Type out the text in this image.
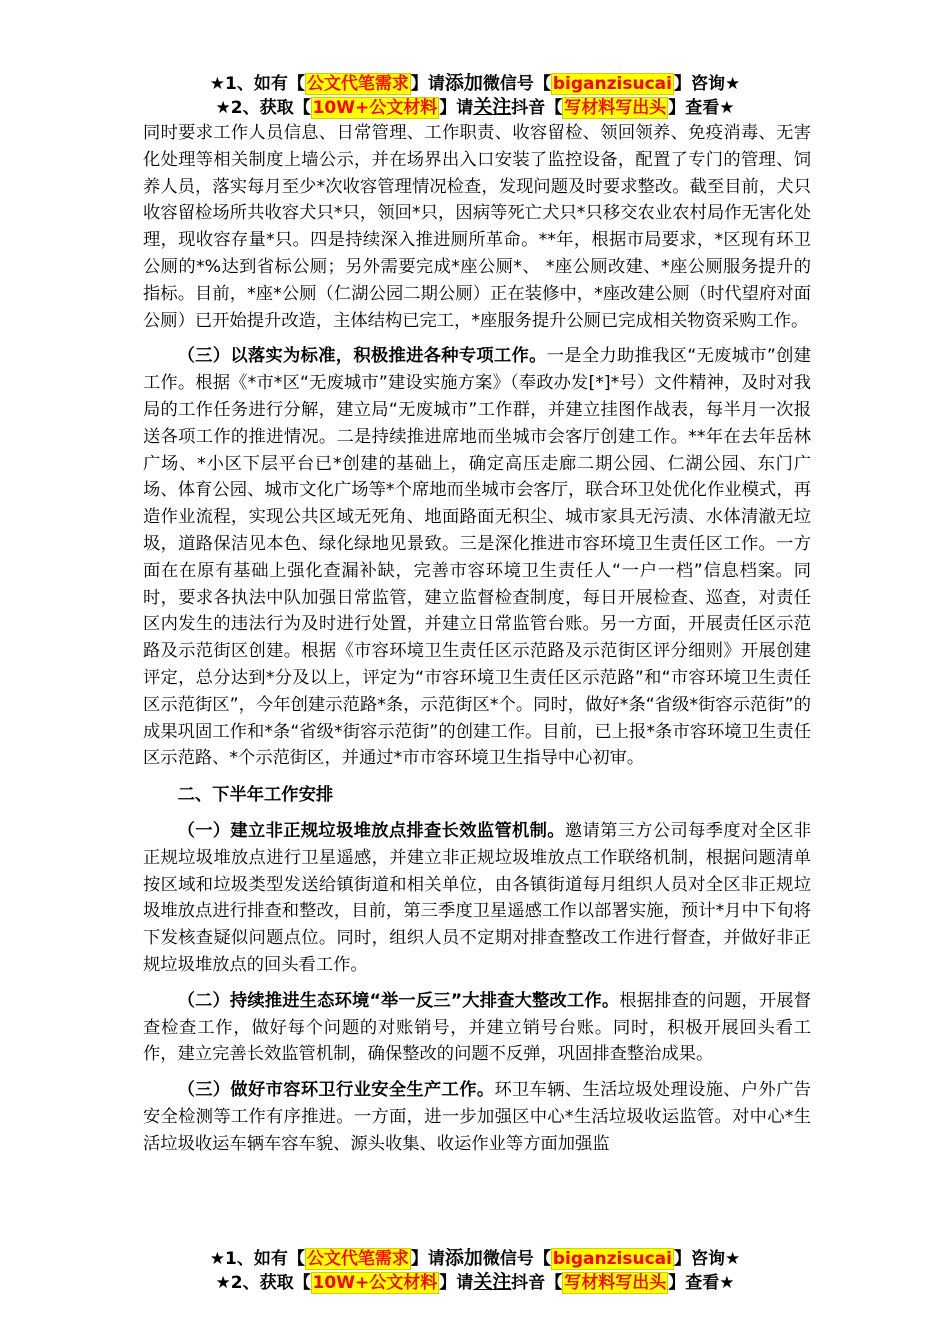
★1、如有【 公文代笔需求 】请添加微信号【 biganzisucai 】咨询★
★2、获取【 10W+公文材料 】请关注抖音【 写材料写出头 】查看★

同时要求工作人员信息、日常管理、工作职责、收容留检、领回领养、免疫消毒、无害化处理等相关制度上墙公示，并在场界出入口安装了监控设备，配置了专门的管理、饲养人员，落实每月至少*次收容管理情况检查，发现问题及时要求整改。截至目前，犬只收容留检场所共收容犬只*只，领回*只，因病等死亡犬只*只移交农业农村局作无害化处理，现收容存量*只。四是持续深入推进厕所革命。**年，根据市局要求，*区现有环卫公厕的*%达到省标公厕；另外需要完成*座公厕*、 *座公厕改建、*座公厕服务提升的指标。目前，*座*公厕（仁湖公园二期公厕）正在装修中，*座改建公厕（时代望府对面公厕）已开始提升改造，主体结构已完工，*座服务提升公厕已完成相关物资采购工作。

（三）以落实为标准，积极推进各种专项工作。一是全力助推我区“无废城市”创建工作。根据《*市*区“无废城市”建设实施方案》（奉政办发[*]*号）文件精神，及时对我局的工作任务进行分解，建立局“无废城市”工作群，并建立挂图作战表，每半月一次报送各项工作的推进情况。二是持续推进席地而坐城市会客厅创建工作。**年在去年岳林广场、*小区下层平台已*创建的基础上，确定高压走廊二期公园、仁湖公园、东门广场、体育公园、城市文化广场等*个席地而坐城市会客厅，联合环卫处优化作业模式，再造作业流程，实现公共区域无死角、地面路面无积尘、城市家具无污渍、水体清澈无垃圾，道路保洁见本色、绿化绿地见景致。三是深化推进市容环境卫生责任区工作。一方面在在原有基础上强化查漏补缺，完善市容环境卫生责任人“一户一档”信息档案。同时，要求各执法中队加强日常监管，建立监督检查制度，每日开展检查、巡查，对责任区内发生的违法行为及时进行处置，并建立日常监管台账。另一方面，开展责任区示范路及示范街区创建。根据《市容环境卫生责任区示范路及示范街区评分细则》开展创建评定，总分达到*分及以上，评定为“市容环境卫生责任区示范路”和“市容环境卫生责任区示范街区”，今年创建示范路*条，示范街区*个。同时，做好*条“省级*街容示范街”的成果巩固工作和*条“省级*街容示范街”的创建工作。目前，已上报*条市容环境卫生责任区示范路、*个示范街区，并通过*市市容环境卫生指导中心初审。

二、下半年工作安排

（一）建立非正规垃圾堆放点排查长效监管机制。邀请第三方公司每季度对全区非正规垃圾堆放点进行卫星遥感，并建立非正规垃圾堆放点工作联络机制，根据问题清单按区域和垃圾类型发送给镇街道和相关单位，由各镇街道每月组织人员对全区非正规垃圾堆放点进行排查和整改，目前，第三季度卫星遥感工作以部署实施，预计*月中下旬将下发核查疑似问题点位。同时，组织人员不定期对排查整改工作进行督查，并做好非正规垃圾堆放点的回头看工作。

（二）持续推进生态环境“举一反三”大排查大整改工作。根据排查的问题，开展督查检查工作，做好每个问题的对账销号，并建立销号台账。同时，积极开展回头看工作，建立完善长效监管机制，确保整改的问题不反弹，巩固排查整治成果。

（三）做好市容环卫行业安全生产工作。环卫车辆、生活垃圾处理设施、户外广告安全检测等工作有序推进。一方面，进一步加强区中心*生活垃圾收运监管。对中心*生活垃圾收运车辆车容车貌、源头收集、收运作业等方面加强监

★1、如有【 公文代笔需求 】请添加微信号【 biganzisucai 】咨询★
★2、获取【 10W+公文材料 】请关注抖音【 写材料写出头 】查看★
